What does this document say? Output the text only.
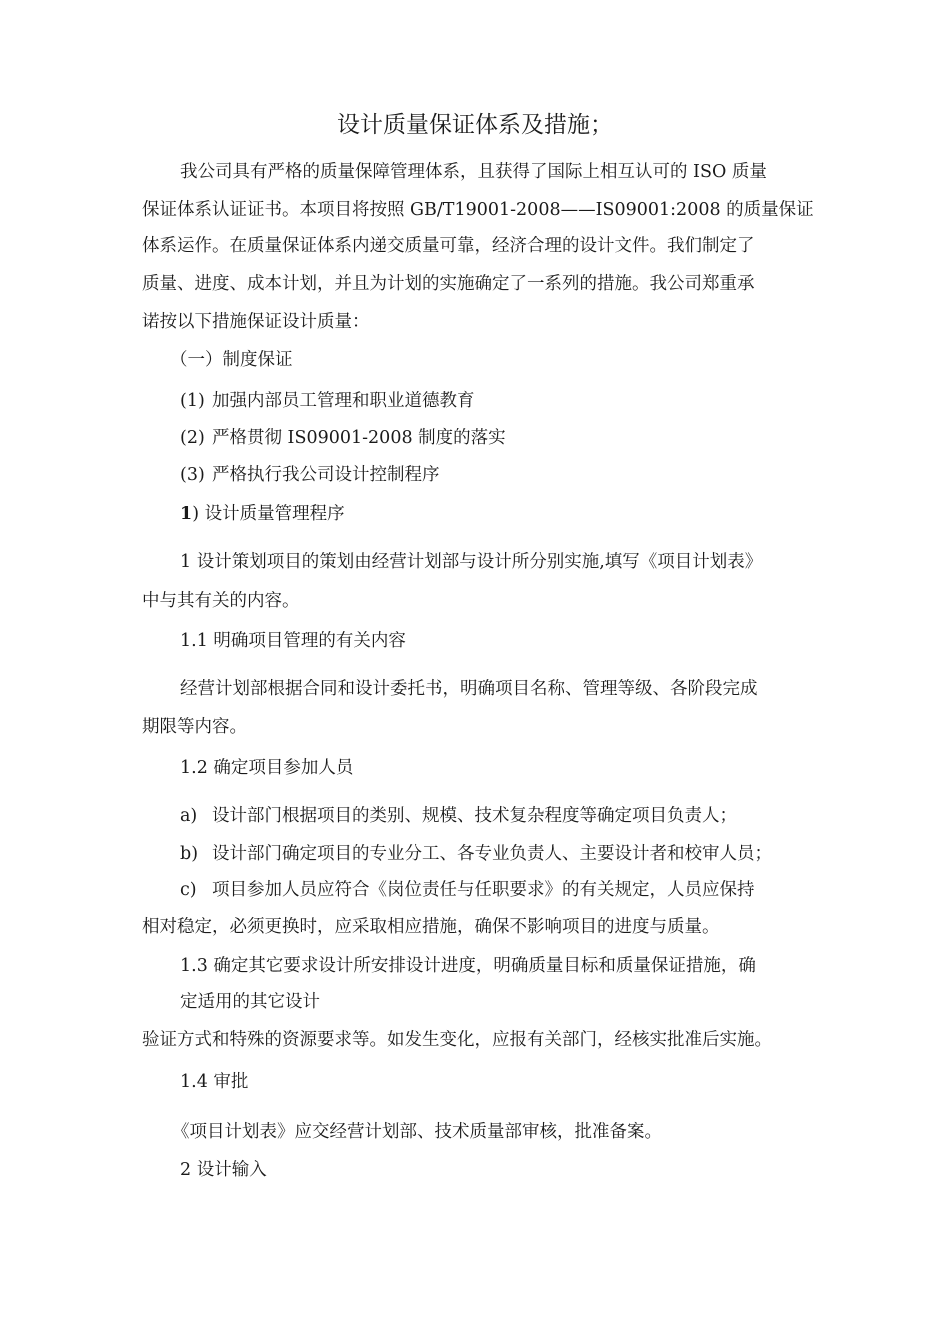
设计质量保证体系及措施；
我公司具有严格的质量保障管理体系，且获得了国际上相互认可的 ISO 质量
保证体系认证证书。本项目将按照 GB/T19001-2008——IS09001:2008 的质量保证
体系运作。在质量保证体系内递交质量可靠，经济合理的设计文件。我们制定了
质量、进度、成本计划，并且为计划的实施确定了一系列的措施。我公司郑重承
诺按以下措施保证设计质量：
（一）制度保证
(1) 加强内部员工管理和职业道德教育
(2) 严格贯彻 IS09001-2008 制度的落实
(3) 严格执行我公司设计控制程序
1) 设计质量管理程序
1 设计策划项目的策划由经营计划部与设计所分别实施,填写《项目计划表》
中与其有关的内容。
1.1 明确项目管理的有关内容
经营计划部根据合同和设计委托书，明确项目名称、管理等级、各阶段完成
期限等内容。
1.2 确定项目参加人员
a) 设计部门根据项目的类别、规模、技术复杂程度等确定项目负责人；
b) 设计部门确定项目的专业分工、各专业负责人、主要设计者和校审人员；
c) 项目参加人员应符合《岗位责任与任职要求》的有关规定，人员应保持
相对稳定，必须更换时，应采取相应措施，确保不影响项目的进度与质量。
1.3 确定其它要求设计所安排设计进度，明确质量目标和质量保证措施，确
定适用的其它设计
验证方式和特殊的资源要求等。如发生变化，应报有关部门，经核实批准后实施。
1.4 审批
《项目计划表》应交经营计划部、技术质量部审核，批准备案。
2 设计输入
